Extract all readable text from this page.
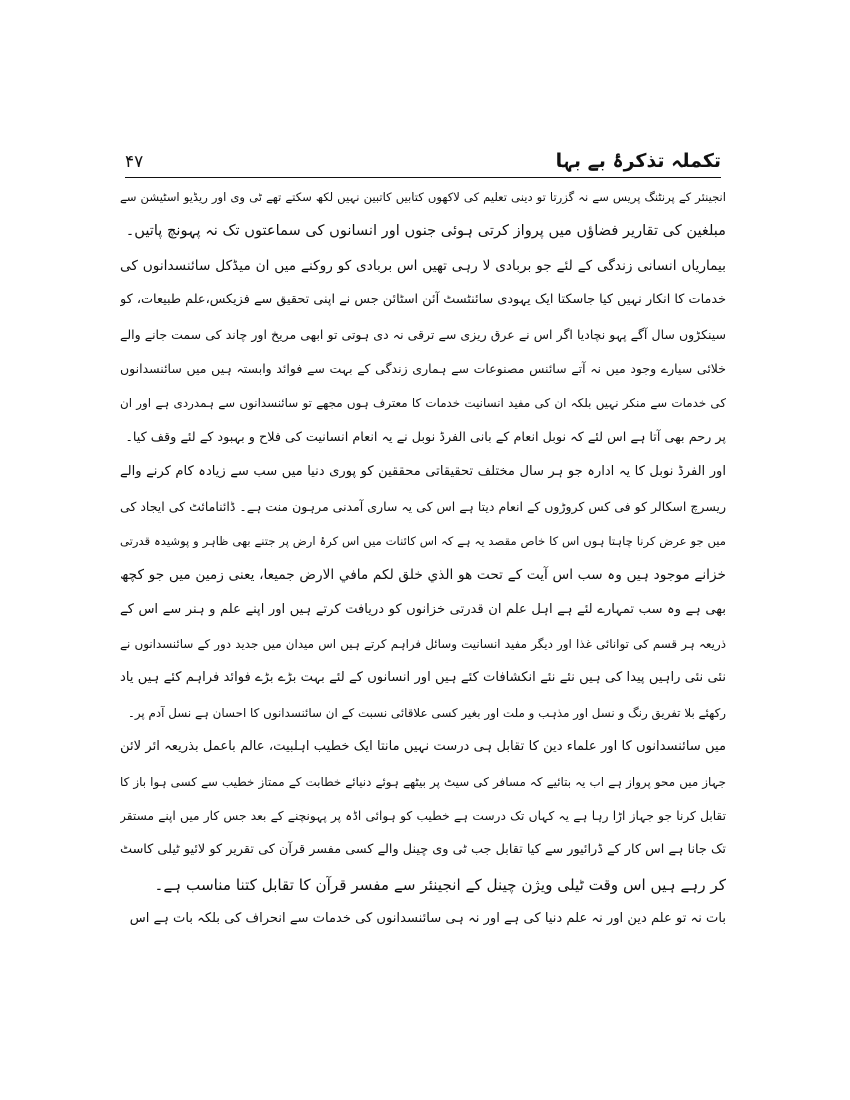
تکملہ تذکرۂ بے بہا
۴۷
انجینئر کے پرنٹنگ پریس سے نہ گزرتا تو دینی تعلیم کی لاکھوں کتابیں کاتبین نہیں لکھ سکتے تھے ٹی وی اور ریڈیو اسٹیشن سے
مبلغین کی تقاریر فضاؤں میں پرواز کرتی ہوئی جنوں اور انسانوں کی سماعتوں تک نہ پہونچ پاتیں۔
بیماریاں انسانی زندگی کے لئے جو بربادی لا رہی تھیں اس بربادی کو روکنے میں ان میڈکل سائنسدانوں کی
خدمات کا انکار نہیں کیا جاسکتا ایک یہودی سائنٹسٹ آئن اسٹائن جس نے اپنی تحقیق سے فزیکس،علم طبیعات، کو
سینکڑوں سال آگے پہو نچادیا اگر اس نے عرق ریزی سے ترقی نہ دی ہوتی تو ابھی مریخ اور چاند کی سمت جانے والے
خلائی سیارے وجود میں نہ آتے سائنس مصنوعات سے ہماری زندگی کے بہت سے فوائد وابستہ ہیں میں سائنسدانوں
کی خدمات سے منکر نہیں بلکہ ان کی مفید انسانیت خدمات کا معترف ہوں مجھے تو سائنسدانوں سے ہمدردی ہے اور ان
پر رحم بھی آتا ہے اس لئے کہ نوبل انعام کے بانی الفرڈ نوبل نے یہ انعام انسانیت کی فلاح و بہبود کے لئے وقف کیا۔
اور الفرڈ نوبل کا یہ ادارہ جو ہر سال مختلف تحقیقاتی محققین کو پوری دنیا میں سب سے زیادہ کام کرنے والے
ریسرچ اسکالر کو فی کس کروڑوں کے انعام دیتا ہے اس کی یہ ساری آمدنی مرہون منت ہے۔ ڈائنامائٹ کی ایجاد کی
میں جو عرض کرنا چاہتا ہوں اس کا خاص مقصد یہ ہے کہ اس کائنات میں اس کرۂ ارض پر جتنے بھی ظاہر و پوشیدہ قدرتی
خزانے موجود ہیں وہ سب اس آیت کے تحت هو الذي خلق لكم مافي الارض جميعا، یعنی زمین میں جو کچھ
بھی ہے وہ سب تمہارے لئے ہے اہل علم ان قدرتی خزانوں کو دریافت کرتے ہیں اور اپنے علم و ہنر سے اس کے
ذریعہ ہر قسم کی توانائی غذا اور دیگر مفید انسانیت وسائل فراہم کرتے ہیں اس میدان میں جدید دور کے سائنسدانوں نے
نئی نئی راہیں پیدا کی ہیں نئے نئے انکشافات کئے ہیں اور انسانوں کے لئے بہت بڑے بڑے فوائد فراہم کئے ہیں یاد
رکھئے بلا تفریق رنگ و نسل اور مذہب و ملت اور بغیر کسی علاقائی نسبت کے ان سائنسدانوں کا احسان ہے نسل آدم پر۔
میں سائنسدانوں کا اور علماء دین کا تقابل ہی درست نہیں مانتا ایک خطیب اہلبیت، عالم باعمل بذریعہ ائر لائن
جہاز میں محو پرواز ہے اب یہ بتائیے کہ مسافر کی سیٹ پر بیٹھے ہوئے دنیائے خطابت کے ممتاز خطیب سے کسی ہوا باز کا
تقابل کرنا جو جہاز اڑا رہا ہے یہ کہاں تک درست ہے خطیب کو ہوائی اڈہ پر پہونچنے کے بعد جس کار میں اپنے مستقر
تک جانا ہے اس کار کے ڈرائیور سے کیا تقابل جب ٹی وی چینل والے کسی مفسر قرآن کی تقریر کو لائیو ٹیلی کاسٹ
کر رہے ہیں اس وقت ٹیلی ویژن چینل کے انجینئر سے مفسر قرآن کا تقابل کتنا مناسب ہے۔
بات نہ تو علم دین اور نہ علم دنیا کی ہے اور نہ ہی سائنسدانوں کی خدمات سے انحراف کی بلکہ بات ہے اس
